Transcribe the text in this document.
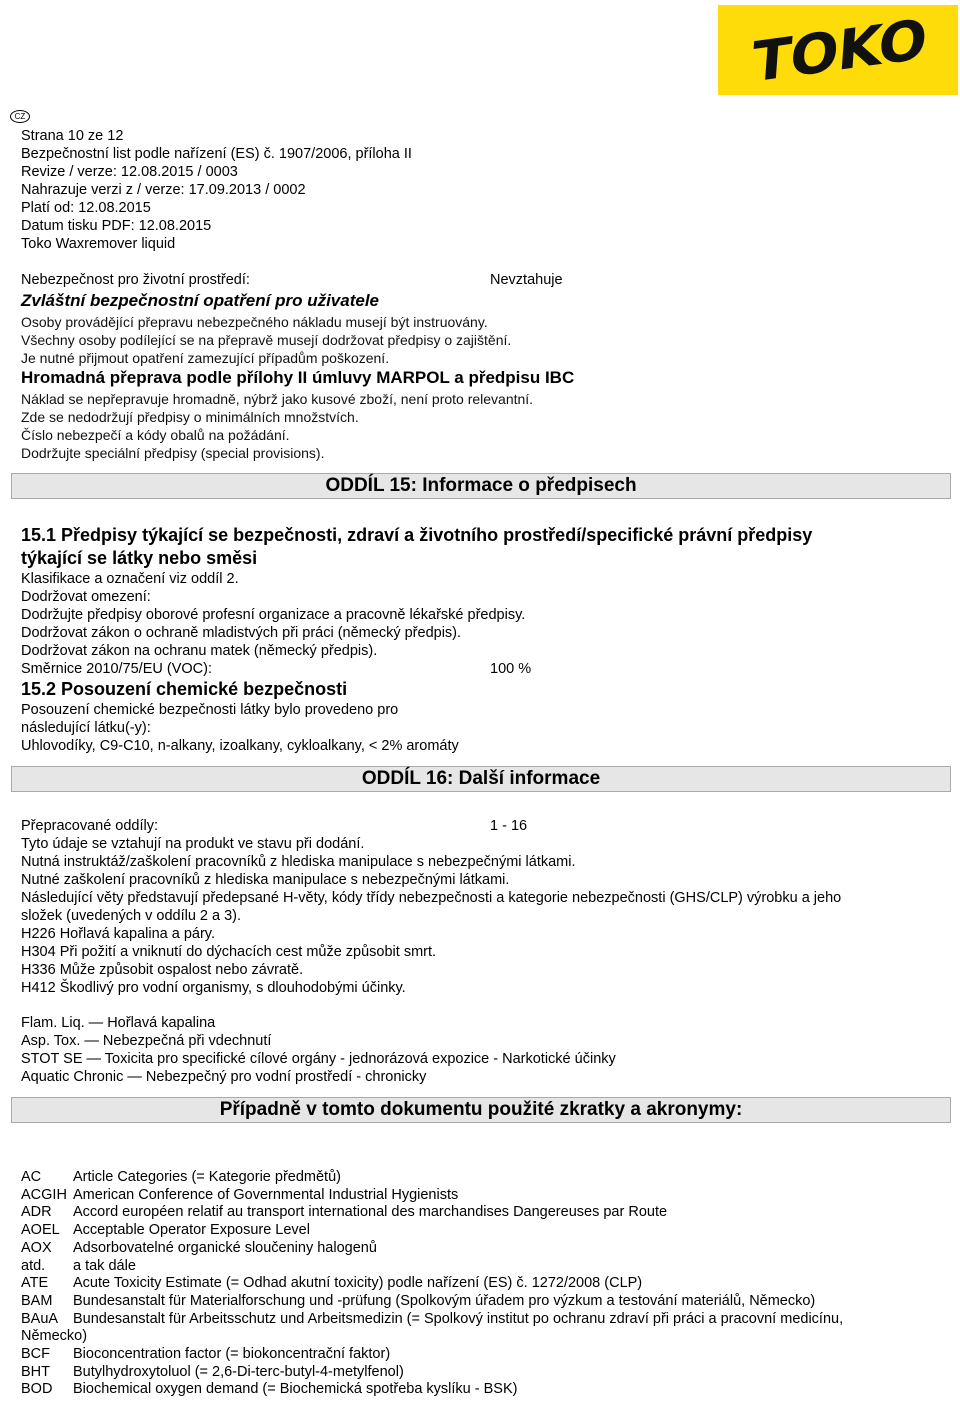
TOKO
CZ
Strana 10 ze 12
Bezpečnostní list podle nařízení (ES) č. 1907/2006, příloha II
Revize / verze: 12.08.2015 / 0003
Nahrazuje verzi z / verze: 17.09.2013 / 0002
Platí od: 12.08.2015
Datum tisku PDF: 12.08.2015
Toko Waxremover liquid
Nebezpečnost pro životní prostředí:	Nevztahuje
Zvláštní bezpečnostní opatření pro uživatele
Osoby provádějící přepravu nebezpečného nákladu musejí být instruovány.
Všechny osoby podílející se na přepravě musejí dodržovat předpisy o zajištění.
Je nutné přijmout opatření zamezující případům poškození.
Hromadná přeprava podle přílohy II úmluvy MARPOL a předpisu IBC
Náklad se nepřepravuje hromadně, nýbrž jako kusové zboží, není proto relevantní.
Zde se nedodržují předpisy o minimálních množstvích.
Číslo nebezpečí a kódy obalů na požádání.
Dodržujte speciální předpisy (special provisions).
ODDÍL 15: Informace o předpisech
15.1 Předpisy týkající se bezpečnosti, zdraví a životního prostředí/specifické právní předpisy
týkající se látky nebo směsi
Klasifikace a označení viz oddíl 2.
Dodržovat omezení:
Dodržujte předpisy oborové profesní organizace a pracovně lékařské předpisy.
Dodržovat zákon o ochraně mladistvých při práci (německý předpis).
Dodržovat zákon na ochranu matek (německý předpis).
Směrnice 2010/75/EU (VOC):	100 %
15.2 Posouzení chemické bezpečnosti
Posouzení chemické bezpečnosti látky bylo provedeno pro
následující látku(-y):
Uhlovodíky, C9-C10, n-alkany, izoalkany, cykloalkany, < 2% aromáty
ODDÍL 16: Další informace
Přepracované oddíly:	1 - 16
Tyto údaje se vztahují na produkt ve stavu při dodání.
Nutná instruktáž/zaškolení pracovníků z hlediska manipulace s nebezpečnými látkami.
Nutné zaškolení pracovníků z hlediska manipulace s nebezpečnými látkami.
Následující věty představují předepsané H-věty, kódy třídy nebezpečnosti a kategorie nebezpečnosti (GHS/CLP) výrobku a jeho
složek (uvedených v oddílu 2 a 3).
H226 Hořlavá kapalina a páry.
H304 Při požití a vniknutí do dýchacích cest může způsobit smrt.
H336 Může způsobit ospalost nebo závratě.
H412 Škodlivý pro vodní organismy, s dlouhodobými účinky.
Flam. Liq. — Hořlavá kapalina
Asp. Tox. — Nebezpečná při vdechnutí
STOT SE — Toxicita pro specifické cílové orgány - jednorázová expozice - Narkotické účinky
Aquatic Chronic — Nebezpečný pro vodní prostředí - chronicky
Případně v tomto dokumentu použité zkratky a akronymy:
AC Article Categories (= Kategorie předmětů)
ACGIH American Conference of Governmental Industrial Hygienists
ADR Accord européen relatif au transport international des marchandises Dangereuses par Route
AOEL Acceptable Operator Exposure Level
AOX Adsorbovatelné organické sloučeniny halogenů
atd. a tak dále
ATE Acute Toxicity Estimate (= Odhad akutní toxicity) podle nařízení (ES) č. 1272/2008 (CLP)
BAM Bundesanstalt für Materialforschung und -prüfung (Spolkovým úřadem pro výzkum a testování materiálů, Německo)
BAuA Bundesanstalt für Arbeitsschutz und Arbeitsmedizin (= Spolkový institut po ochranu zdraví při práci a pracovní medicínu,
Německo)
BCF Bioconcentration factor (= biokoncentrační faktor)
BHT Butylhydroxytoluol (= 2,6-Di-terc-butyl-4-metylfenol)
BOD Biochemical oxygen demand (= Biochemická spotřeba kyslíku - BSK)
